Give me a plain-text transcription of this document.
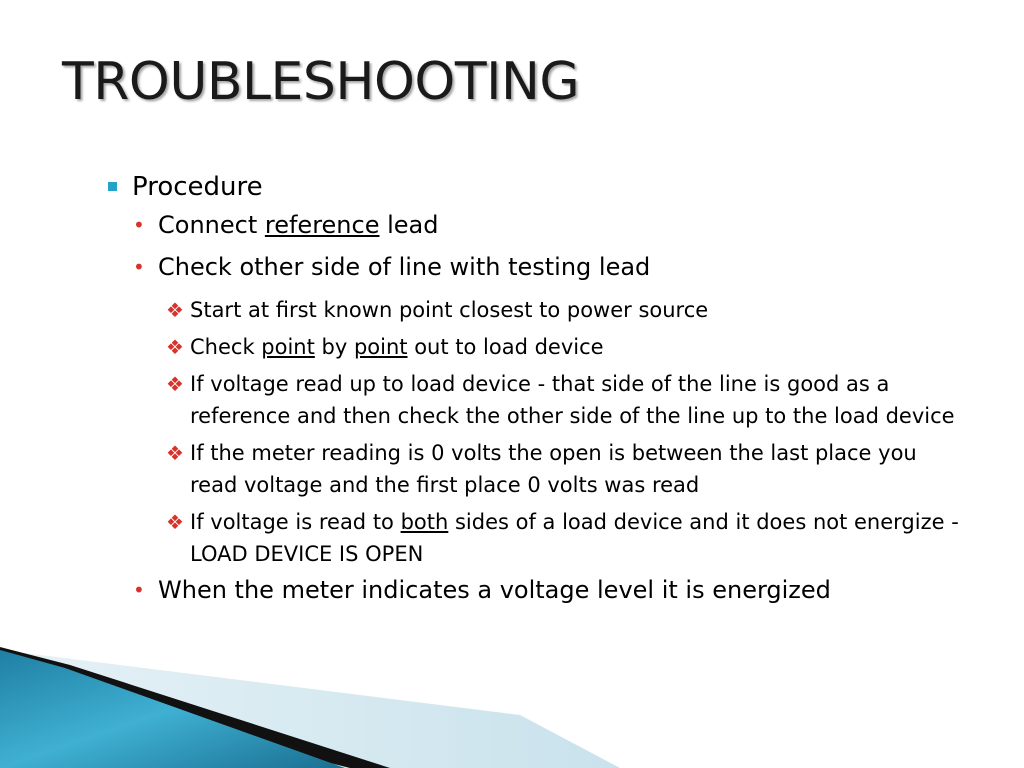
TROUBLESHOOTING
Procedure
• Connect reference lead
• Check other side of line with testing lead
❖ Start at first known point closest to power source
❖ Check point by point out to load device
❖ If voltage read up to load device - that side of the line is good as a reference and then check the other side of the line up to the load device
❖ If the meter reading is 0 volts the open is between the last place you read voltage and the first place 0 volts was read
❖ If voltage is read to both sides of a load device and it does not energize - LOAD DEVICE IS OPEN
• When the meter indicates a voltage level it is energized
